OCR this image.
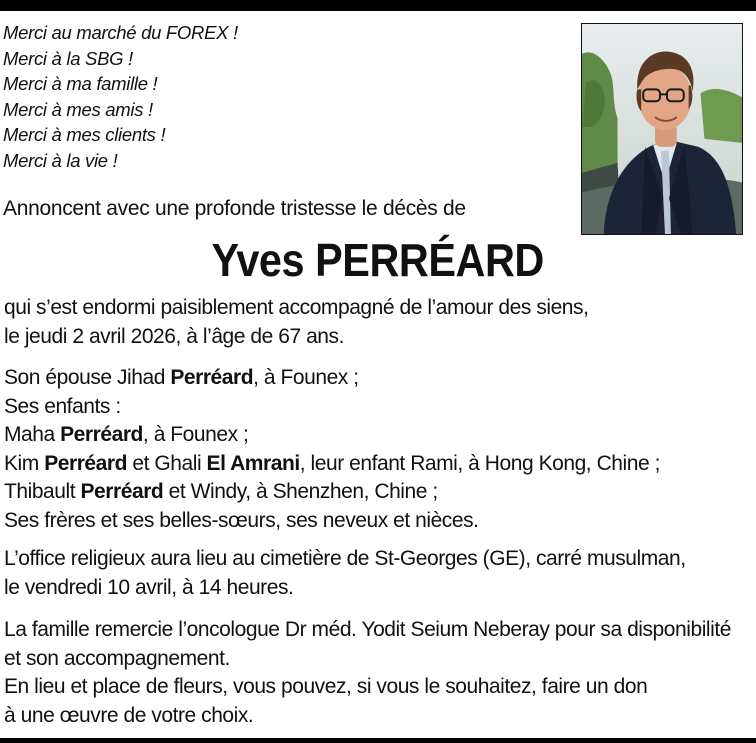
Merci au marché du FOREX !
Merci à la SBG !
Merci à ma famille !
Merci à mes amis !
Merci à mes clients !
Merci à la vie !
Annoncent avec une profonde tristesse le décès de
Yves PERRÉARD
qui s’est endormi paisiblement accompagné de l’amour des siens,
le jeudi 2 avril 2026, à l’âge de 67 ans.
Son épouse Jihad Perréard, à Founex ;
Ses enfants :
Maha Perréard, à Founex ;
Kim Perréard et Ghali El Amrani, leur enfant Rami, à Hong Kong, Chine ;
Thibault Perréard et Windy, à Shenzhen, Chine ;
Ses frères et ses belles-sœurs, ses neveux et nièces.
L’office religieux aura lieu au cimetière de St-Georges (GE), carré musulman,
le vendredi 10 avril, à 14 heures.
La famille remercie l’oncologue Dr méd. Yodit Seium Neberay pour sa disponibilité
et son accompagnement.
En lieu et place de fleurs, vous pouvez, si vous le souhaitez, faire un don
à une œuvre de votre choix.
